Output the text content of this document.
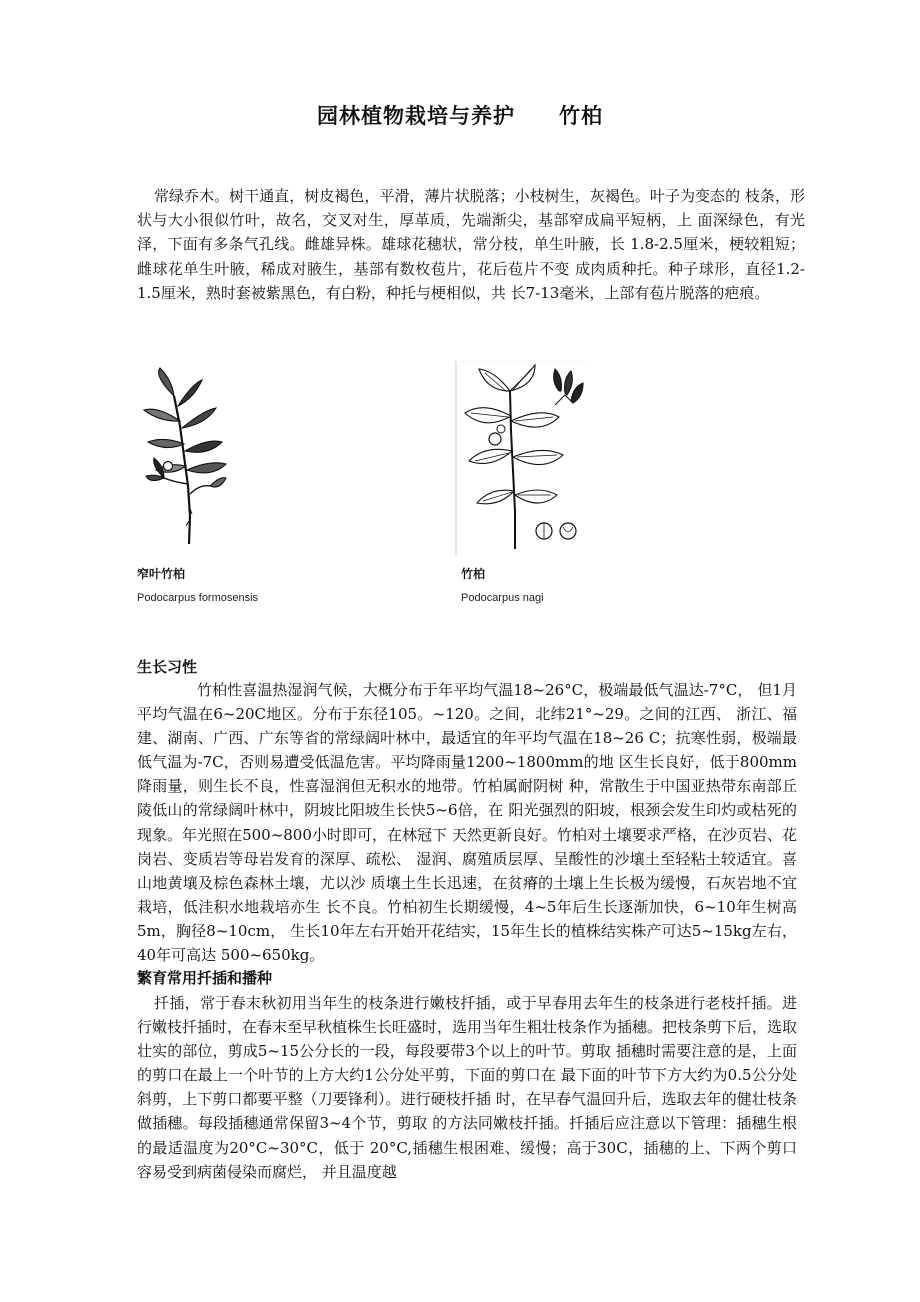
园林植物栽培与养护 竹柏

常绿乔木。树干通直，树皮褐色，平滑，薄片状脱落；小枝树生，灰褐色。叶子为变态的 枝条，形状与大小很似竹叶，故名，交叉对生，厚革质，先端渐尖，基部窄成扁平短柄，上 面深绿色，有光泽，下面有多条气孔线。雌雄异株。雄球花穗状，常分枝，单生叶腋，长 1.8-2.5厘米，梗较粗短；雌球花单生叶腋，稀成对腋生，基部有数枚苞片，花后苞片不变 成肉质种托。种子球形，直径1.2-1.5厘米，熟时套被紫黑色，有白粉，种托与梗相似，共 长7-13毫米，上部有苞片脱落的疤痕。

窄叶竹柏
Podocarpus formosensis
竹柏
Podocarpus nagi
生长习性

竹柏性喜温热湿润气候，大概分布于年平均气温18~26°C，极端最低气温达-7°C， 但1月平均气温在6~20C地区。分布于东径105。~120。之间，北纬21°~29。之间的江西、 浙江、福建、湖南、广西、广东等省的常绿阔叶林中，最适宜的年平均气温在18~26 C；抗寒性弱，极端最低气温为-7C，否则易遭受低温危害。平均降雨量1200~1800mm的地 区生长良好，低于800mm降雨量，则生长不良，性喜湿润但无积水的地带。竹柏属耐阴树 种，常散生于中国亚热带东南部丘陵低山的常绿阔叶林中，阴坡比阳坡生长快5~6倍，在 阳光强烈的阳坡，根颈会发生印灼或枯死的现象。年光照在500~800小时即可，在林冠下 天然更新良好。竹柏对土壤要求严格，在沙页岩、花岗岩、变质岩等母岩发育的深厚、疏松、 湿润、腐殖质层厚、呈酸性的沙壤土至轻粘土较适宜。喜山地黄壤及棕色森林土壤，尤以沙 质壤土生长迅速，在贫瘠的土壤上生长极为缓慢，石灰岩地不宜栽培，低洼积水地栽培亦生 长不良。竹柏初生长期缓慢，4~5年后生长逐渐加快，6~10年生树高5m，胸径8~10cm， 生长10年左右开始开花结实，15年生长的植株结实株产可达5~15kg左右，40年可高达 500~650kg。

繁育常用扦插和播种

扦插，常于春末秋初用当年生的枝条进行嫩枝扦插，或于早春用去年生的枝条进行老枝扦插。进行嫩枝扦插时，在春末至早秋植株生长旺盛时，选用当年生粗壮枝条作为插穗。把枝条剪下后，选取壮实的部位，剪成5~15公分长的一段，每段要带3个以上的叶节。剪取 插穗时需要注意的是，上面的剪口在最上一个叶节的上方大约1公分处平剪，下面的剪口在 最下面的叶节下方大约为0.5公分处斜剪，上下剪口都要平整（刀要锋利）。进行硬枝扦插 时，在早春气温回升后，选取去年的健壮枝条做插穗。每段插穗通常保留3~4个节，剪取 的方法同嫩枝扦插。扦插后应注意以下管理：插穗生根的最适温度为20°C~30°C，低于 20°C,插穗生根困难、缓慢；高于30C，插穗的上、下两个剪口容易受到病菌侵染而腐烂， 并且温度越
